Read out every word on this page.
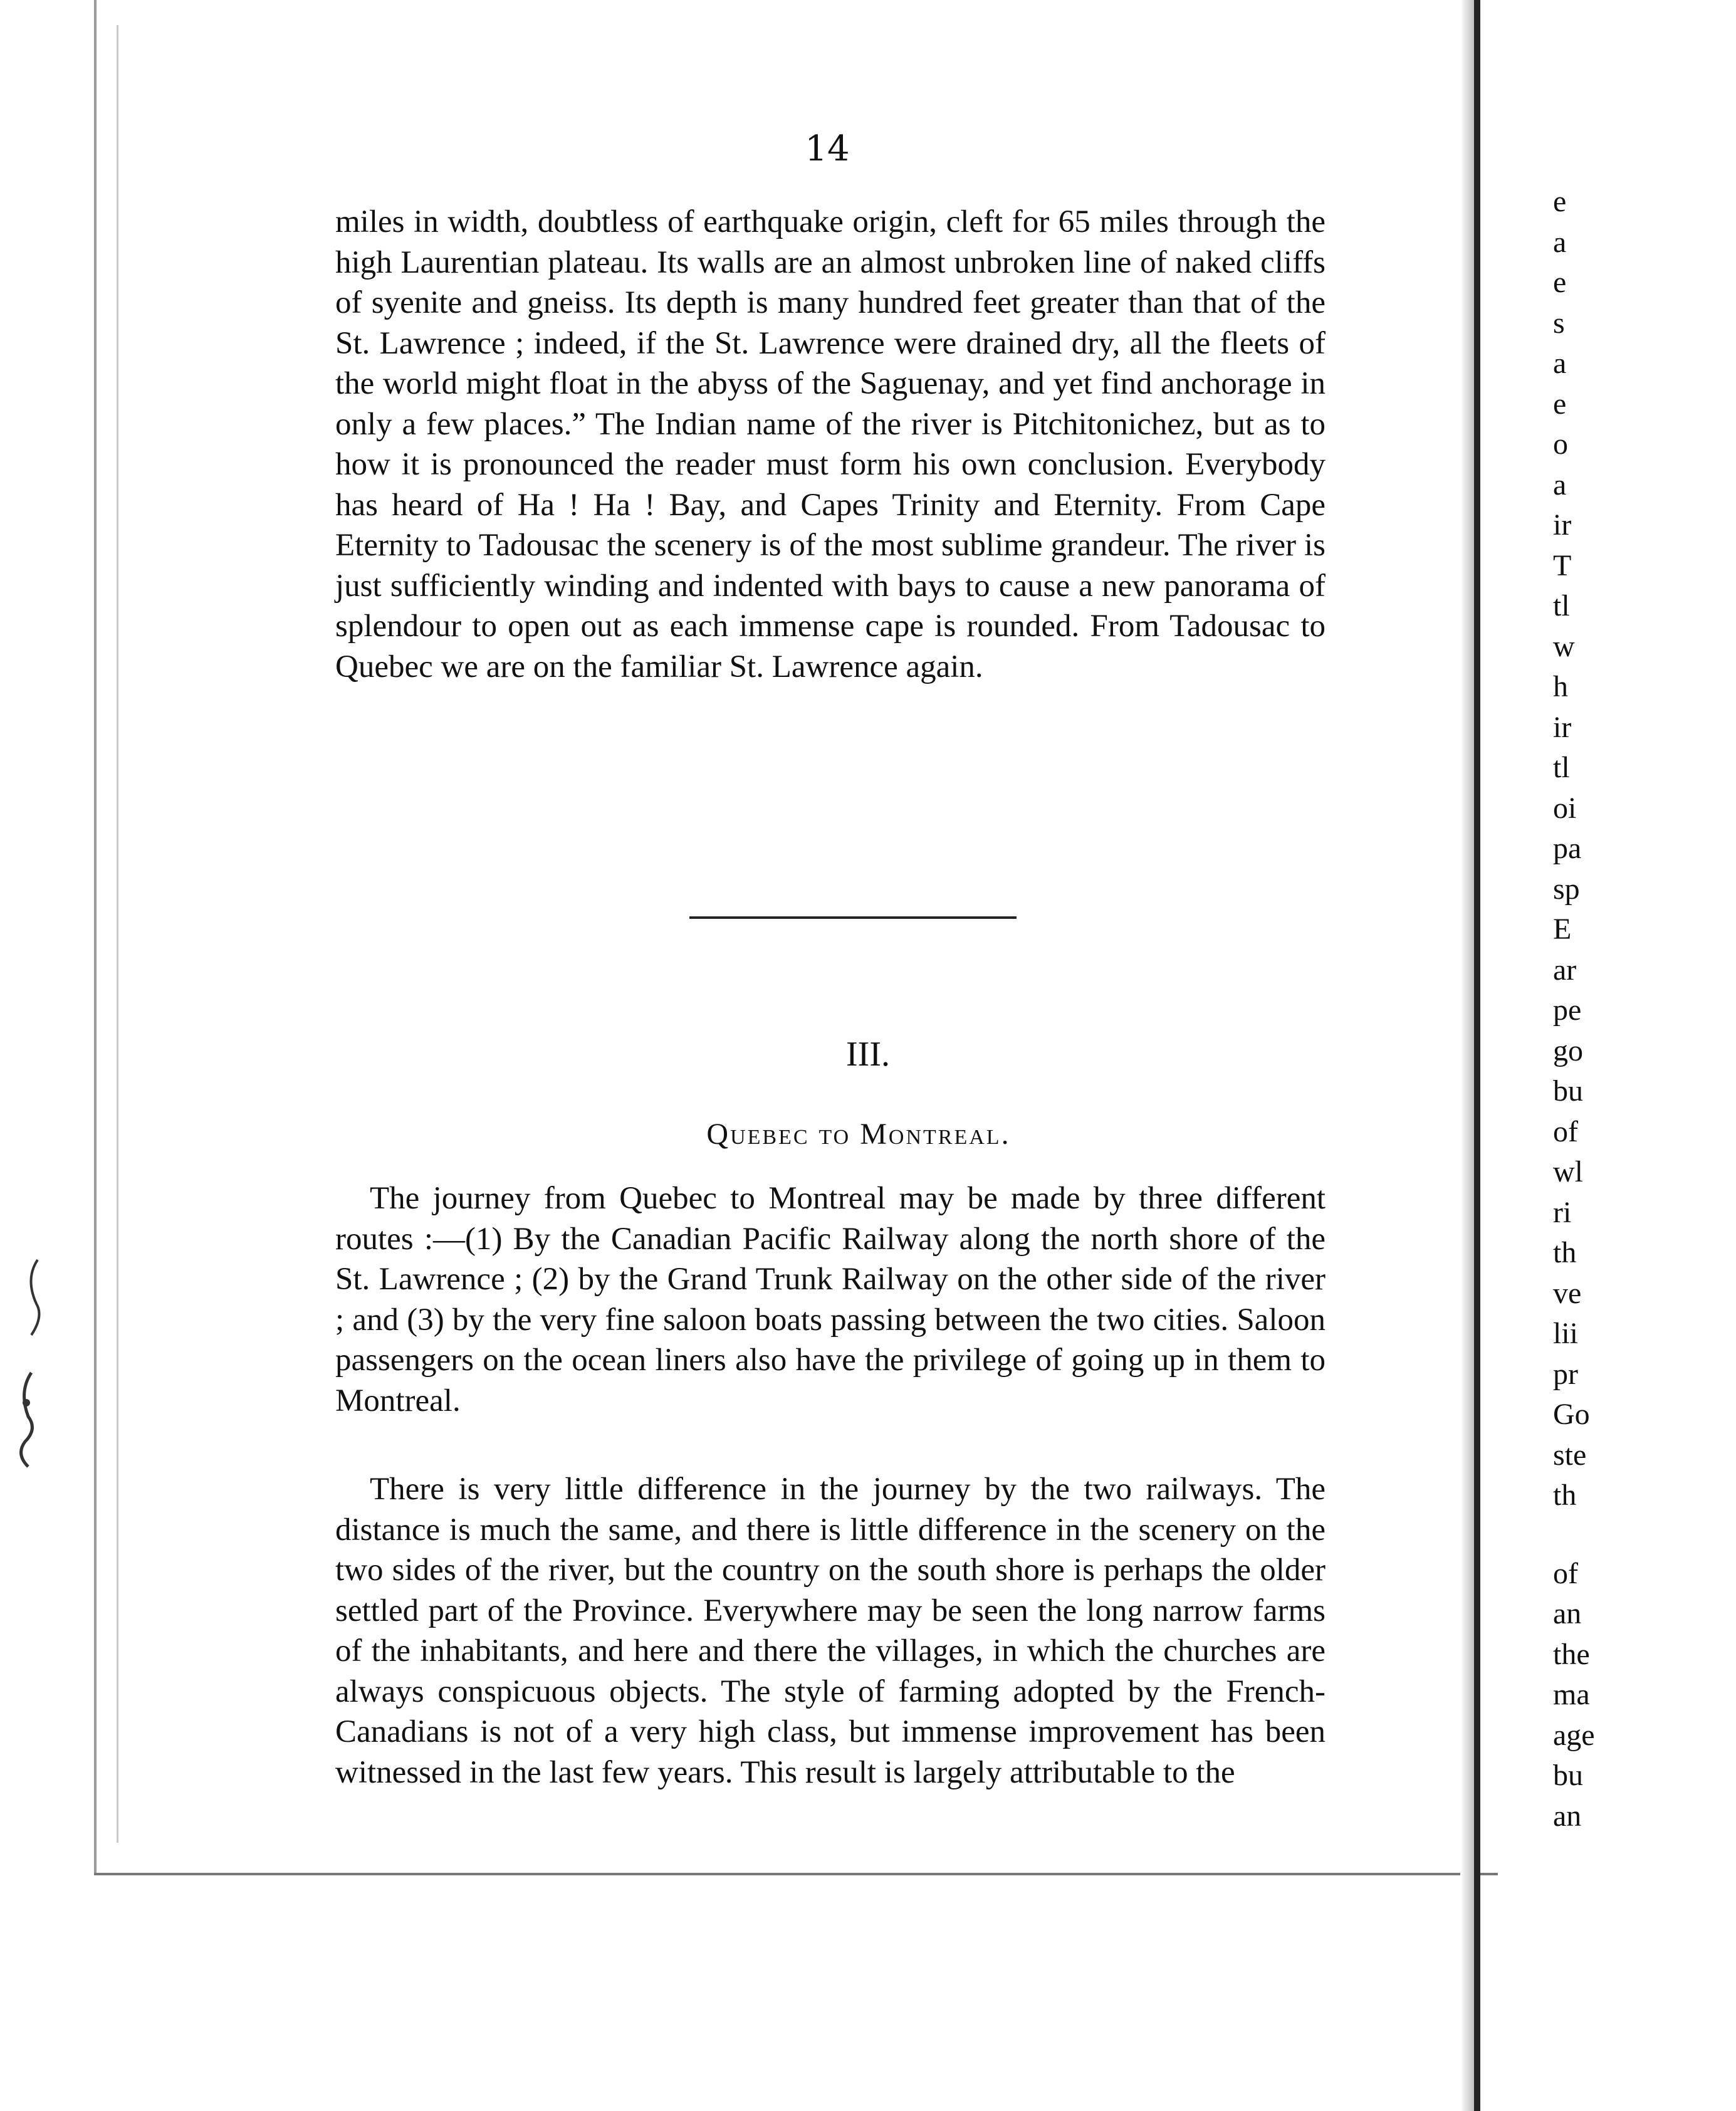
14

miles in width, doubtless of earthquake origin, cleft for 65 miles through the high Laurentian plateau. Its walls are an almost unbroken line of naked cliffs of syenite and gneiss. Its depth is many hundred feet greater than that of the St. Lawrence ; indeed, if the St. Lawrence were drained dry, all the fleets of the world might float in the abyss of the Saguenay, and yet find anchorage in only a few places.” The Indian name of the river is Pitchitonichez, but as to how it is pronounced the reader must form his own conclusion. Everybody has heard of Ha ! Ha ! Bay, and Capes Trinity and Eternity. From Cape Eternity to Tadousac the scenery is of the most sublime grandeur. The river is just sufficiently winding and indented with bays to cause a new panorama of splendour to open out as each immense cape is rounded. From Tadousac to Quebec we are on the familiar St. Lawrence again.

III.
Quebec to Montreal.

The journey from Quebec to Montreal may be made by three different routes :—(1) By the Canadian Pacific Railway along the north shore of the St. Lawrence ; (2) by the Grand Trunk Railway on the other side of the river ; and (3) by the very fine saloon boats passing between the two cities. Saloon passengers on the ocean liners also have the privilege of going up in them to Montreal.

There is very little difference in the journey by the two railways. The distance is much the same, and there is little difference in the scenery on the two sides of the river, but the country on the south shore is perhaps the older settled part of the Province. Everywhere may be seen the long narrow farms of the inhabitants, and here and there the villages, in which the churches are always conspicuous objects. The style of farming adopted by the French-Canadians is not of a very high class, but immense improvement has been witnessed in the last few years. This result is largely attributable to the

e
a
e
s
a
e
o
a
ir
T
tl
w
h
ir
tl
oi
pa
sp
E
ar
pe
go
bu
of
wl
ri
th
ve
lii
pr
Go
ste
th
of
an
the
ma
age
bu
an
